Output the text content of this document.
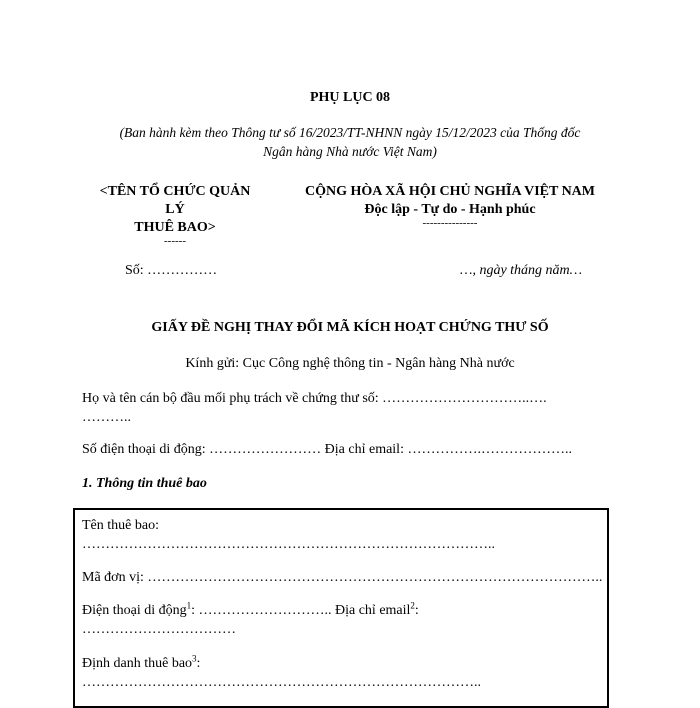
PHỤ LỤC 08
(Ban hành kèm theo Thông tư số 16/2023/TT-NHNN ngày 15/12/2023 của Thống đốc
Ngân hàng Nhà nước Việt Nam)
<TÊN TỔ CHỨC QUẢN
LÝ
THUÊ BAO>
------
Số: ……………
CỘNG HÒA XÃ HỘI CHỦ NGHĨA VIỆT NAM
Độc lập - Tự do - Hạnh phúc
---------------
…, ngày tháng năm…
GIẤY ĐỀ NGHỊ THAY ĐỔI MÃ KÍCH HOẠT CHỨNG THƯ SỐ
Kính gửi: Cục Công nghệ thông tin - Ngân hàng Nhà nước
Họ và tên cán bộ đầu mối phụ trách về chứng thư số: …………………………..….
………..
Số điện thoại di động: …………………… Địa chỉ email: …………….………………..
1. Thông tin thuê bao
Tên thuê bao:
……………………………………………………………………………..
Mã đơn vị: ……………………………………………………………………………………..
Điện thoại di động$^1$: ……………………….. Địa chỉ email$^2$:
……………………………
Định danh thuê bao$^3$:
…………………………………………………………………………..
